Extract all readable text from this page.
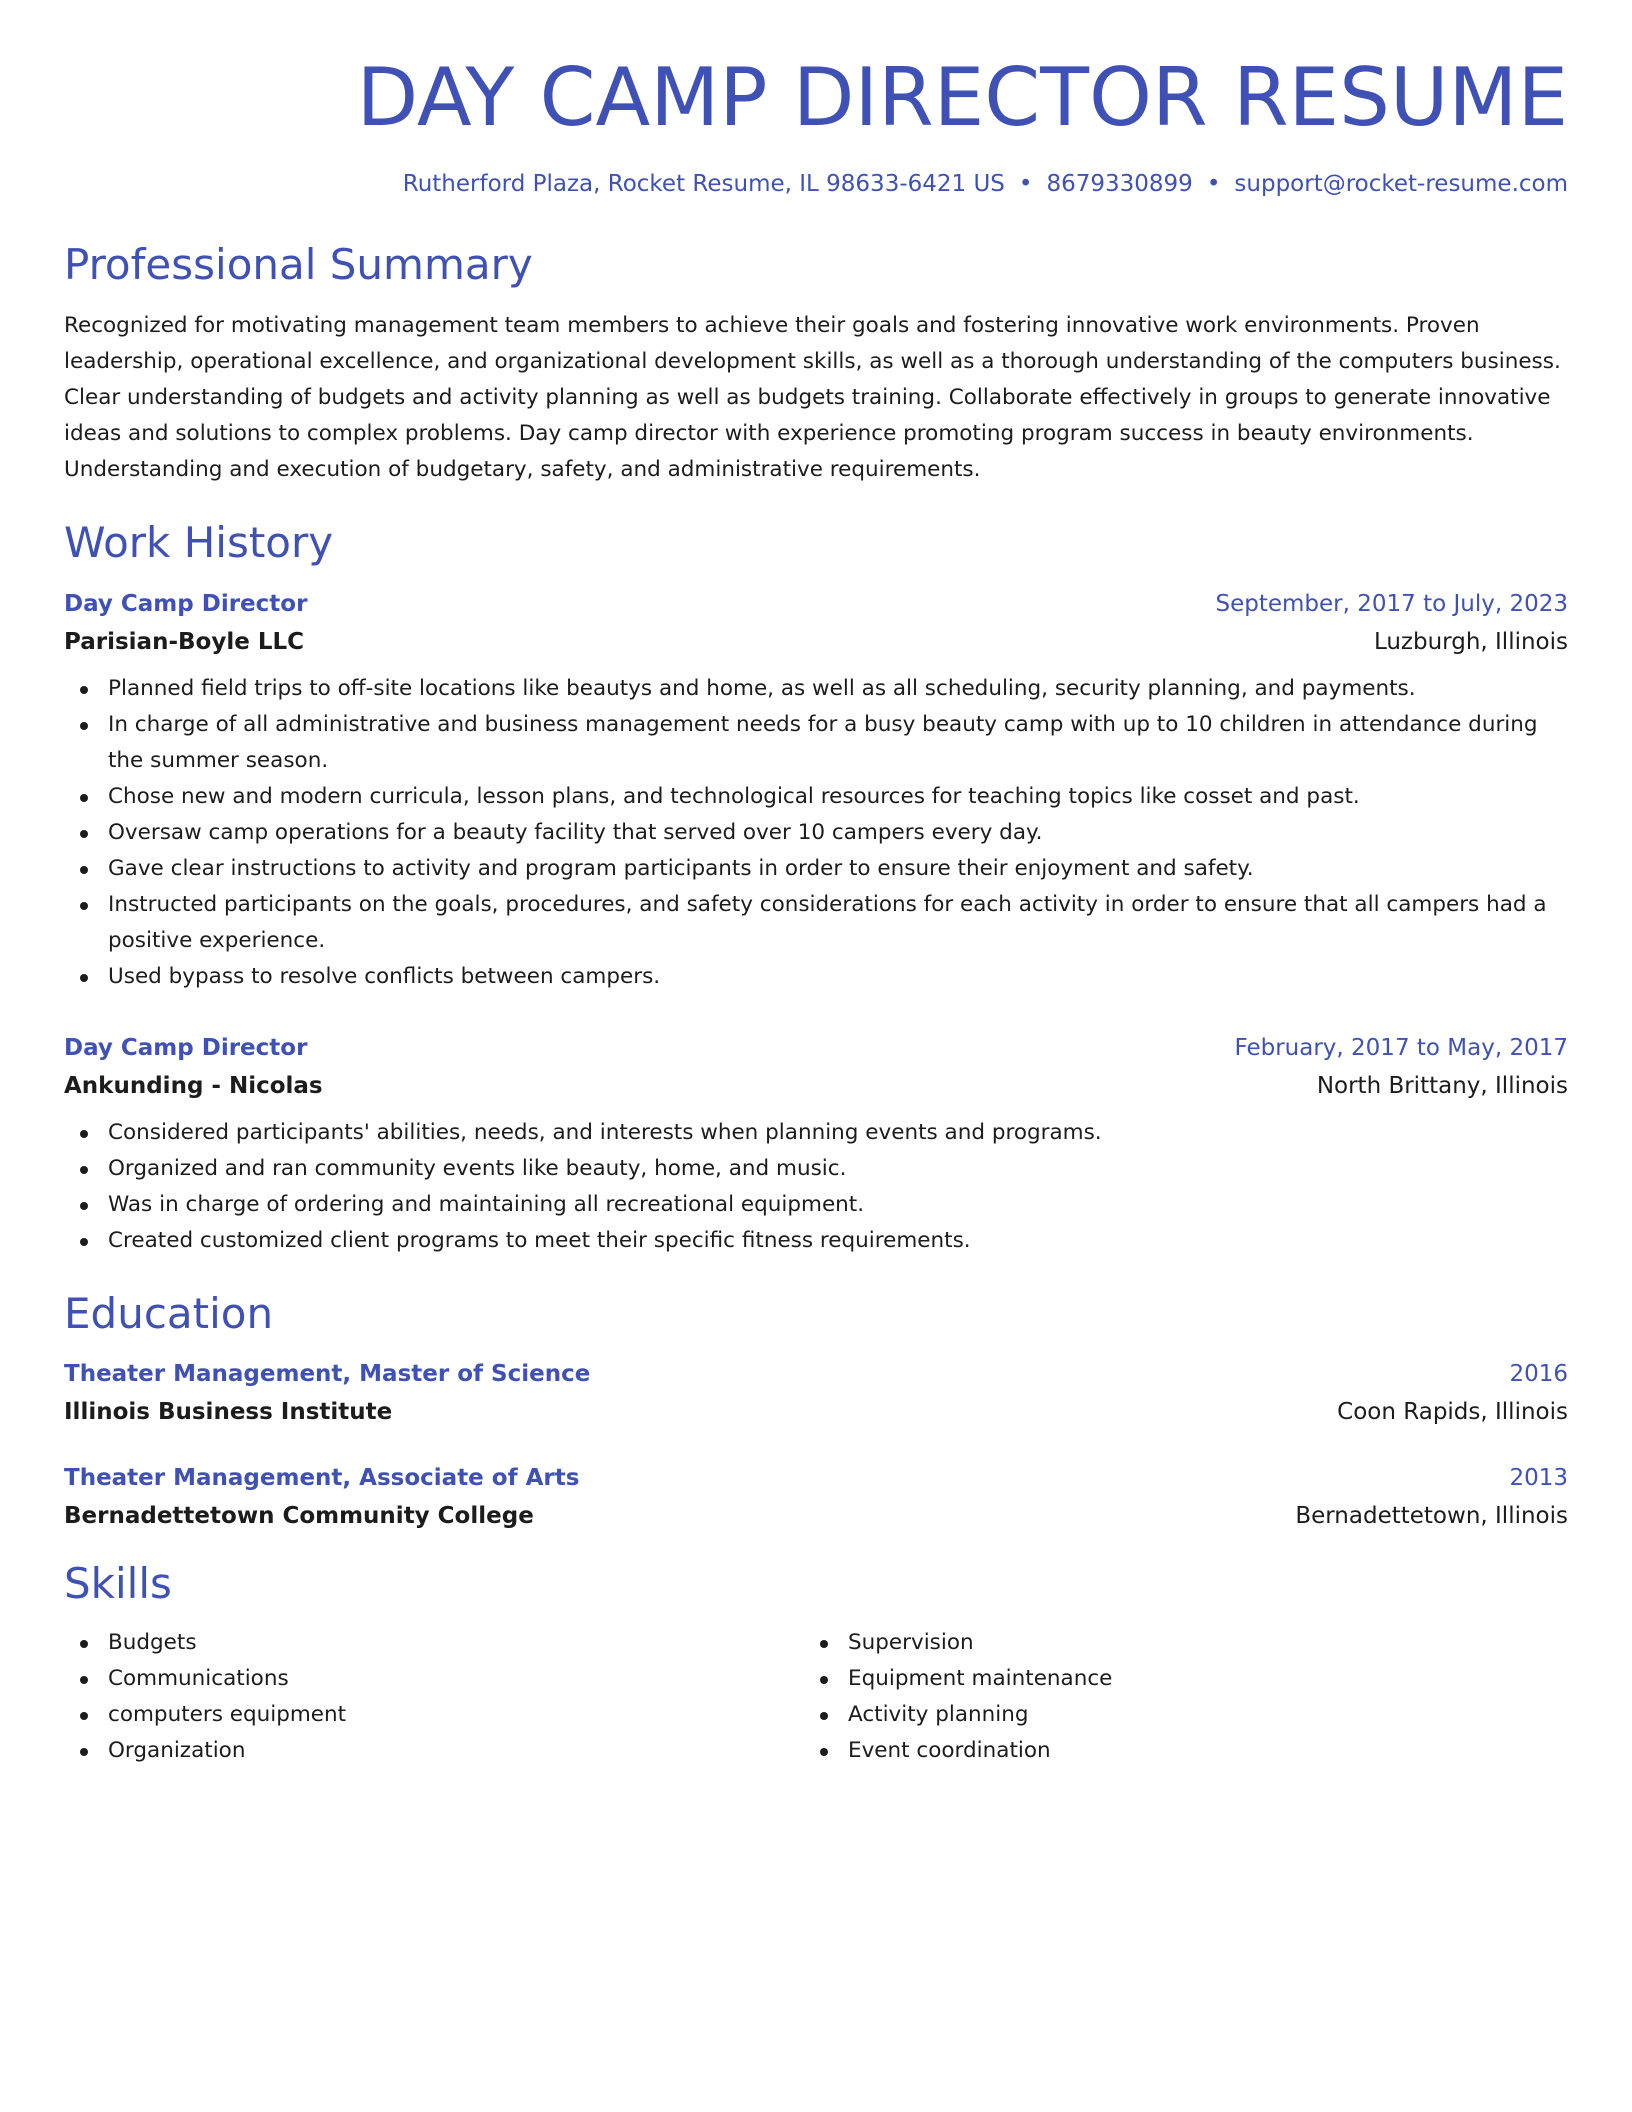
DAY CAMP DIRECTOR RESUME
Rutherford Plaza, Rocket Resume, IL 98633-6421 US • 8679330899 • support@rocket-resume.com
Professional Summary
Recognized for motivating management team members to achieve their goals and fostering innovative work environments. Proven leadership, operational excellence, and organizational development skills, as well as a thorough understanding of the computers business. Clear understanding of budgets and activity planning as well as budgets training. Collaborate effectively in groups to generate innovative ideas and solutions to complex problems. Day camp director with experience promoting program success in beauty environments. Understanding and execution of budgetary, safety, and administrative requirements.
Work History
Day Camp Director	September, 2017 to July, 2023
Parisian-Boyle LLC	Luzburgh, Illinois
Planned field trips to off-site locations like beautys and home, as well as all scheduling, security planning, and payments.
In charge of all administrative and business management needs for a busy beauty camp with up to 10 children in attendance during the summer season.
Chose new and modern curricula, lesson plans, and technological resources for teaching topics like cosset and past.
Oversaw camp operations for a beauty facility that served over 10 campers every day.
Gave clear instructions to activity and program participants in order to ensure their enjoyment and safety.
Instructed participants on the goals, procedures, and safety considerations for each activity in order to ensure that all campers had a positive experience.
Used bypass to resolve conflicts between campers.
Day Camp Director	February, 2017 to May, 2017
Ankunding - Nicolas	North Brittany, Illinois
Considered participants' abilities, needs, and interests when planning events and programs.
Organized and ran community events like beauty, home, and music.
Was in charge of ordering and maintaining all recreational equipment.
Created customized client programs to meet their specific fitness requirements.
Education
Theater Management, Master of Science	2016
Illinois Business Institute	Coon Rapids, Illinois
Theater Management, Associate of Arts	2013
Bernadettetown Community College	Bernadettetown, Illinois
Skills
Budgets
Communications
computers equipment
Organization
Supervision
Equipment maintenance
Activity planning
Event coordination
